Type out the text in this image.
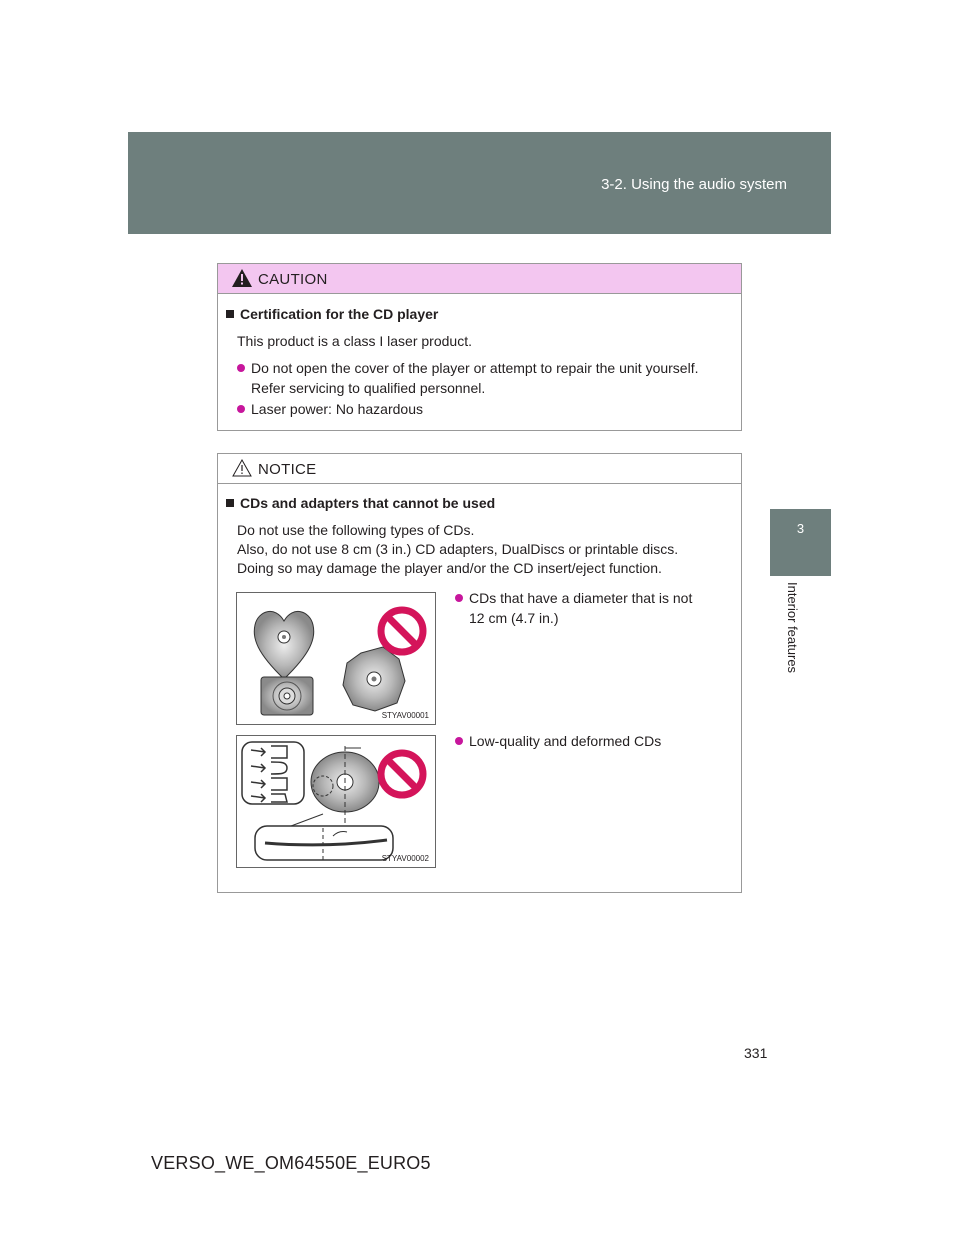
3-2. Using the audio system
3
Interior features
CAUTION
Certification for the CD player
This product is a class I laser product.
Do not open the cover of the player or attempt to repair the unit yourself.
Refer servicing to qualified personnel.
Laser power: No hazardous
NOTICE
CDs and adapters that cannot be used
Do not use the following types of CDs.
Also, do not use 8 cm (3 in.) CD adapters, DualDiscs or printable discs.
Doing so may damage the player and/or the CD insert/eject function.
STYAV00001
CDs that have a diameter that is not
12 cm (4.7 in.)
STYAV00002
Low-quality and deformed CDs
331
VERSO_WE_OM64550E_EURO5
carmanualsonline.info
